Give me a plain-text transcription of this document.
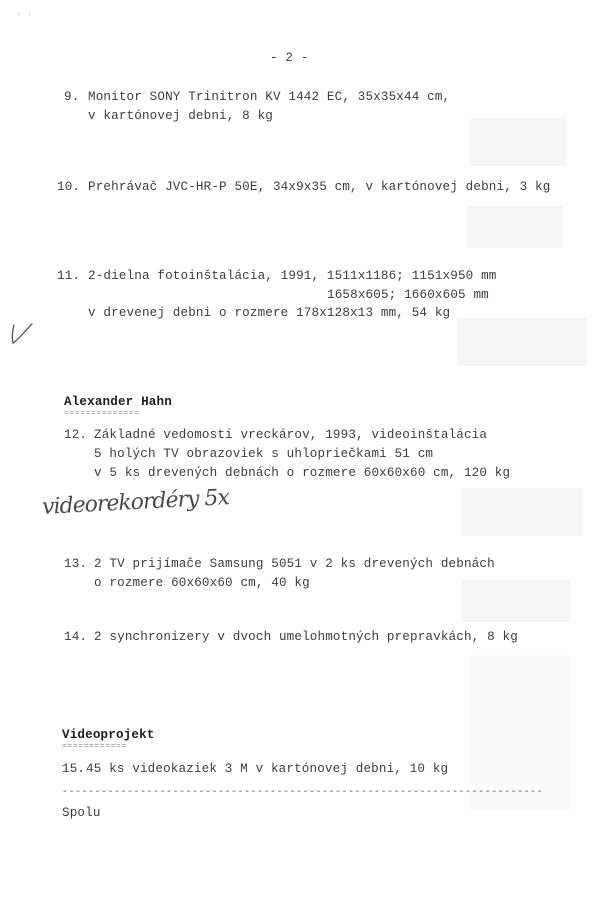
. .
- 2 -
9. Monitor SONY Trinitron KV 1442 EC, 35x35x44 cm,
v kartónovej debni, 8 kg
10. Prehrávač JVC-HR-P 50E, 34x9x35 cm, v kartónovej debni, 3 kg
11. 2-dielna fotoinštalácia, 1991, 1511x1186; 1151x950 mm
1658x605; 1660x605 mm
v drevenej debni o rozmere 178x128x13 mm, 54 kg
Alexander Hahn
==============
12. Základné vedomosti vreckárov, 1993, videoinštalácia
5 holých TV obrazoviek s uhlopriečkami 51 cm
v 5 ks drevených debnách o rozmere 60x60x60 cm, 120 kg
videorekordéry 5x
13. 2 TV prijímače Samsung 5051 v 2 ks drevených debnách
o rozmere 60x60x60 cm, 40 kg
14. 2 synchronizery v dvoch umelohmotných prepravkách, 8 kg
Videoprojekt
============
15. 45 ks videokaziek 3 M v kartónovej debni, 10 kg
--------------------------------------------------------------------------
Spolu
